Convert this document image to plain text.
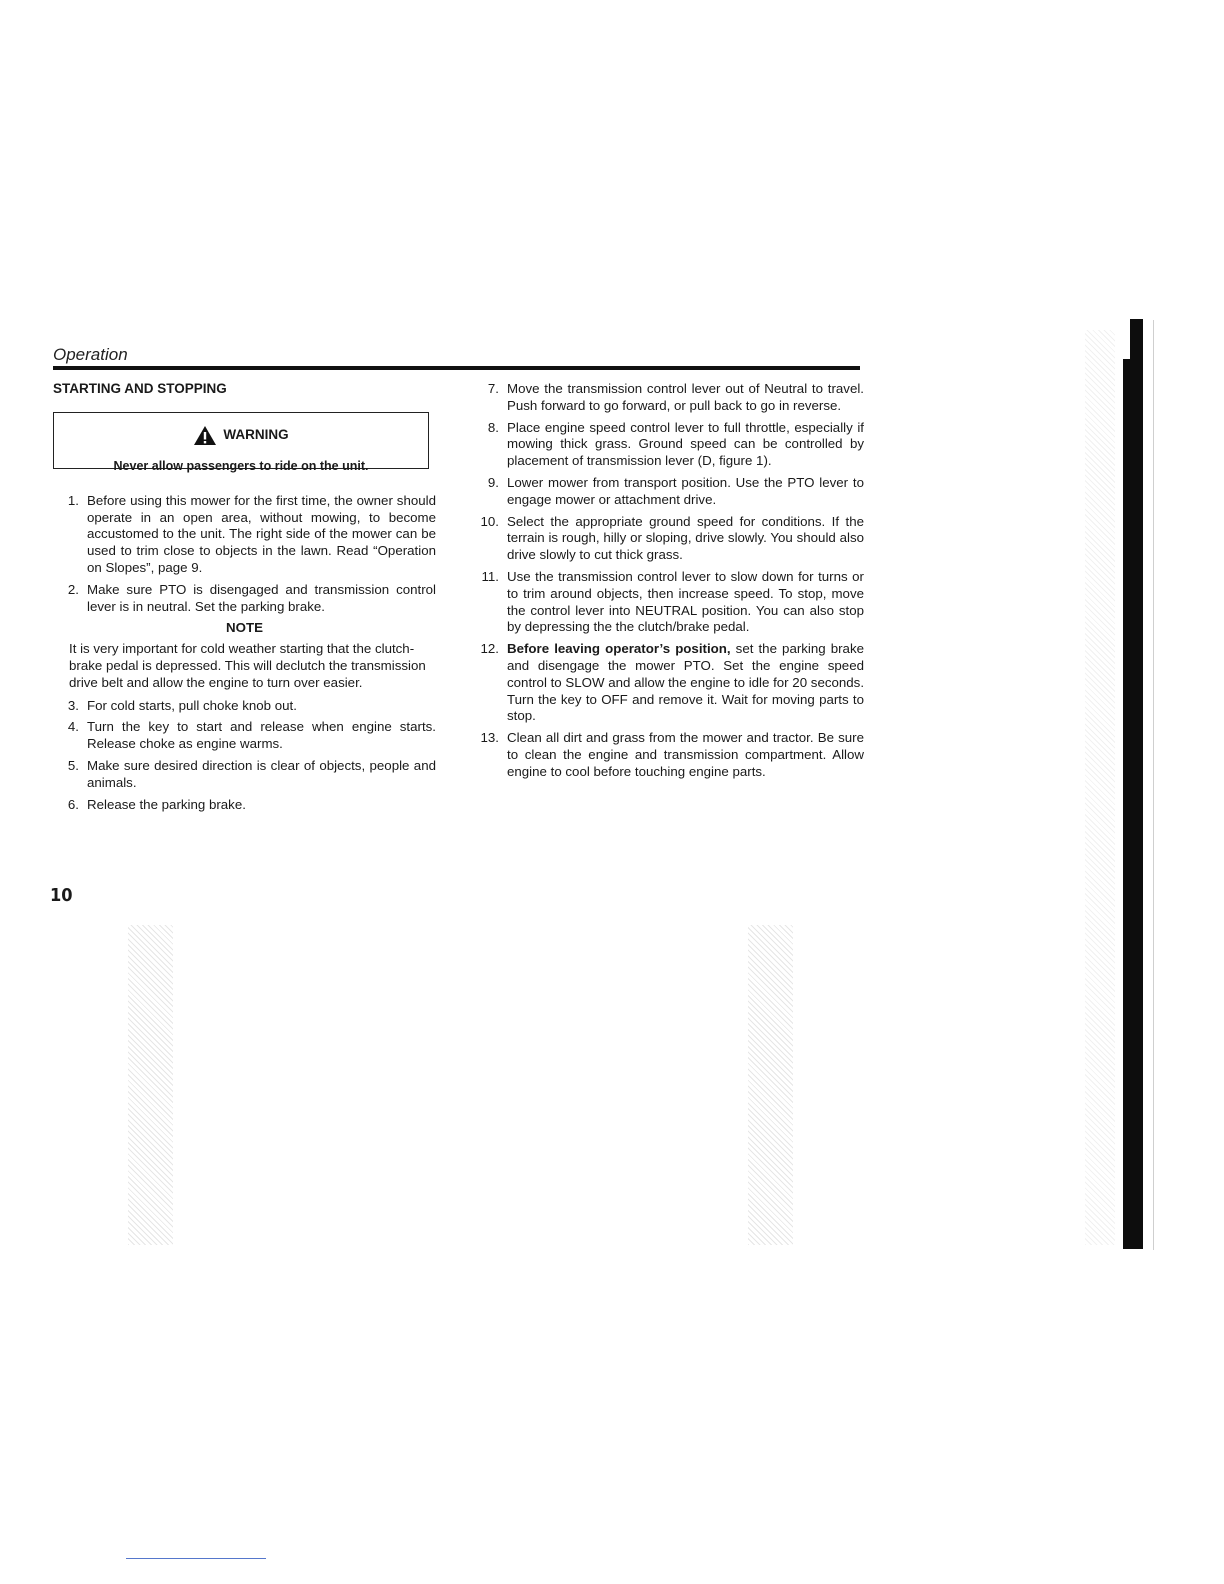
Operation
STARTING AND STOPPING
WARNING
Never allow passengers to ride on the unit.
1. Before using this mower for the first time, the owner should operate in an open area, without mowing, to become accustomed to the unit. The right side of the mower can be used to trim close to objects in the lawn. Read “Operation on Slopes”, page 9.
2. Make sure PTO is disengaged and transmission control lever is in neutral. Set the parking brake.
NOTE
It is very important for cold weather starting that the clutch-brake pedal is depressed. This will declutch the transmission drive belt and allow the engine to turn over easier.
3. For cold starts, pull choke knob out.
4. Turn the key to start and release when engine starts. Release choke as engine warms.
5. Make sure desired direction is clear of objects, people and animals.
6. Release the parking brake.
7. Move the transmission control lever out of Neutral to travel. Push forward to go forward, or pull back to go in reverse.
8. Place engine speed control lever to full throttle, especially if mowing thick grass. Ground speed can be controlled by placement of transmission lever (D, figure 1).
9. Lower mower from transport position. Use the PTO lever to engage mower or attachment drive.
10. Select the appropriate ground speed for conditions. If the terrain is rough, hilly or sloping, drive slowly. You should also drive slowly to cut thick grass.
11. Use the transmission control lever to slow down for turns or to trim around objects, then increase speed. To stop, move the control lever into NEUTRAL position. You can also stop by depressing the the clutch/brake pedal.
12. Before leaving operator’s position, set the parking brake and disengage the mower PTO. Set the engine speed control to SLOW and allow the engine to idle for 20 seconds. Turn the key to OFF and remove it. Wait for moving parts to stop.
13. Clean all dirt and grass from the mower and tractor. Be sure to clean the engine and transmission compartment. Allow engine to cool before touching engine parts.
10
